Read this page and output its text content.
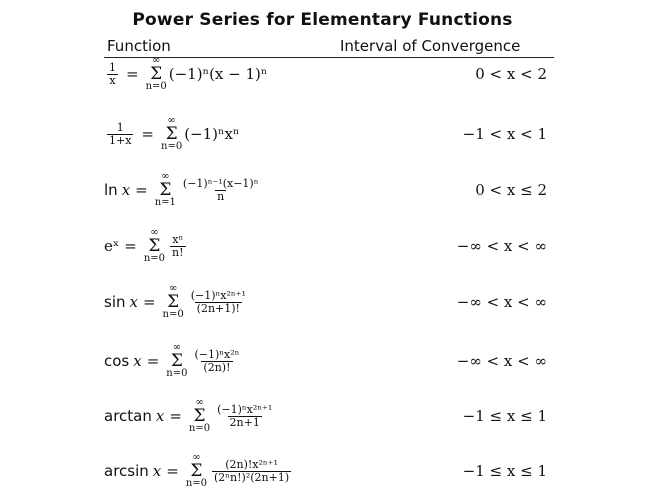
Power Series for Elementary Functions
Function	Interval of Convergence
$\frac{1}{x}$ =
∞
Σ
n=0
(−1)ⁿ(x − 1)ⁿ	0 < x < 2
$\frac{1}{1+x}$ =
∞
Σ
n=0
(−1)ⁿxⁿ	−1 < x < 1
ln x =
∞
Σ
$n=1 \frac{\text{(−1)ⁿ⁻¹(x−1)ⁿ}}{n}$	0 < x ≤ 2
eˣ =
∞
Σ
$n=0 \frac{\text{xⁿ}}{n!}$	−∞ < x < ∞
sin x =
∞
Σ
$n=0 \frac{\text{(−1)ⁿx²ⁿ⁺¹}}{(2n+1)!}$	−∞ < x < ∞
cos x =
∞
Σ
$n=0 \frac{\text{(−1)ⁿx²ⁿ}}{(2n)!}$	−∞ < x < ∞
arctan x =
∞
Σ
$n=0 \frac{\text{(−1)ⁿx²ⁿ⁺¹}}{2n+1}$	−1 ≤ x ≤ 1
arcsin x =
∞
Σ
$n=0 \frac{\text{(2n)!x²ⁿ⁺¹}}{\text{(2ⁿn!)²(2n+1)}}$	−1 ≤ x ≤ 1
